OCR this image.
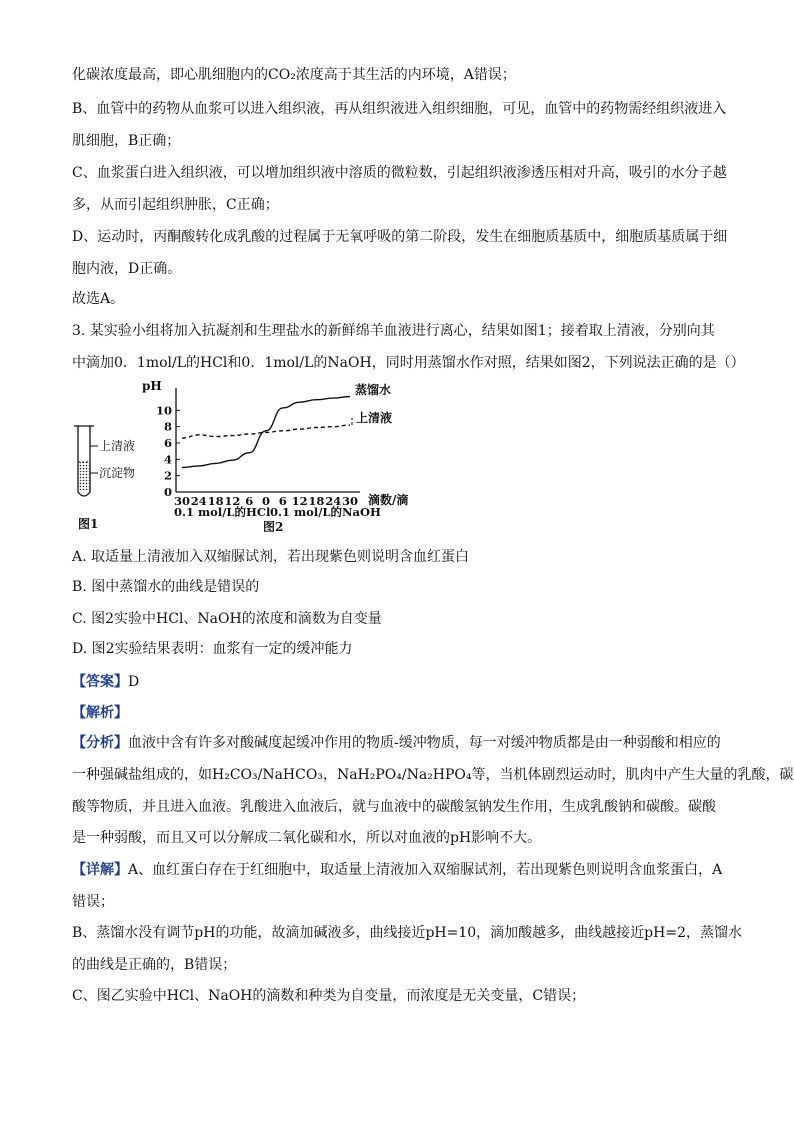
化碳浓度最高，即心肌细胞内的CO₂浓度高于其生活的内环境，A错误；
B、血管中的药物从血浆可以进入组织液，再从组织液进入组织细胞，可见，血管中的药物需经组织液进入
肌细胞，B正确；
C、血浆蛋白进入组织液，可以增加组织液中溶质的微粒数，引起组织液渗透压相对升高，吸引的水分子越
多，从而引起组织肿胀，C正确；
D、运动时，丙酮酸转化成乳酸的过程属于无氧呼吸的第二阶段，发生在细胞质基质中，细胞质基质属于细
胞内液，D正确。
故选A。
3. 某实验小组将加入抗凝剂和生理盐水的新鲜绵羊血液进行离心，结果如图1；接着取上清液，分别向其
中滴加0．1mol/L的HCl和0．1mol/L的NaOH，同时用蒸馏水作对照，结果如图2，下列说法正确的是（）
上清液
沉淀物
图1
pH
0
2
4
6
8
10
30 24 18 12 6 0 6 12 18 24 30
蒸馏水
上清液
滴数/滴
0.1 mol/L的HCl 0.1 mol/L的NaOH
图2
A. 取适量上清液加入双缩脲试剂，若出现紫色则说明含血红蛋白
B. 图中蒸馏水的曲线是错误的
C. 图2实验中HCl、NaOH的浓度和滴数为自变量
D. 图2实验结果表明：血浆有一定的缓冲能力
【答案】D
【解析】
【分析】血液中含有许多对酸碱度起缓冲作用的物质-缓冲物质，每一对缓冲物质都是由一种弱酸和相应的
一种强碱盐组成的，如H₂CO₃/NaHCO₃，NaH₂PO₄/Na₂HPO₄等，当机体剧烈运动时，肌肉中产生大量的乳酸，碳
酸等物质，并且进入血液。乳酸进入血液后，就与血液中的碳酸氢钠发生作用，生成乳酸钠和碳酸。碳酸
是一种弱酸，而且又可以分解成二氧化碳和水，所以对血液的pH影响不大。
【详解】A、血红蛋白存在于红细胞中，取适量上清液加入双缩脲试剂，若出现紫色则说明含血浆蛋白，A
错误；
B、蒸馏水没有调节pH的功能，故滴加碱液多，曲线接近pH=10，滴加酸越多，曲线越接近pH=2，蒸馏水
的曲线是正确的，B错误；
C、图乙实验中HCl、NaOH的滴数和种类为自变量，而浓度是无关变量，C错误；
